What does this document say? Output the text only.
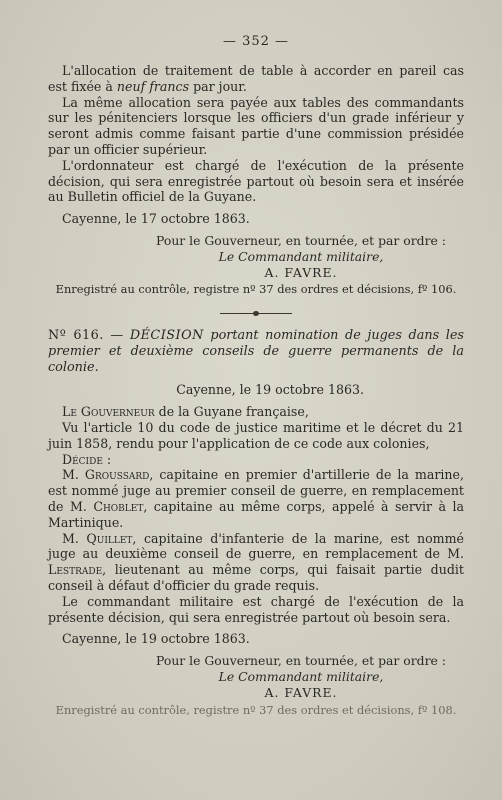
— 352 —

L'allocation de traitement de table à accorder en pareil cas est fixée à neuf francs par jour.

La même allocation sera payée aux tables des commandants sur les pénitenciers lorsque les officiers d'un grade inférieur y seront admis comme faisant partie d'une commission présidée par un officier supérieur.

L'ordonnateur est chargé de l'exécution de la présente décision, qui sera enregistrée partout où besoin sera et insérée au Bulletin officiel de la Guyane.

Cayenne, le 17 octobre 1863.

Pour le Gouverneur, en tournée, et par ordre :
Le Commandant militaire,
A. FAVRE.
Enregistré au contrôle, registre nº 37 des ordres et décisions, fº 106.

Nº 616. — DÉCISION portant nomination de juges dans les premier et deuxième conseils de guerre permanents de la colonie.

Cayenne, le 19 octobre 1863.

Le Gouverneur de la Guyane française,

Vu l'article 10 du code de justice maritime et le décret du 21 juin 1858, rendu pour l'application de ce code aux colonies,

Décide :

M. Groussard, capitaine en premier d'artillerie de la marine, est nommé juge au premier conseil de guerre, en remplacement de M. Choblet, capitaine au même corps, appelé à servir à la Martinique.

M. Quillet, capitaine d'infanterie de la marine, est nommé juge au deuxième conseil de guerre, en remplacement de M. Lestrade, lieutenant au même corps, qui faisait partie dudit conseil à défaut d'officier du grade requis.

Le commandant militaire est chargé de l'exécution de la présente décision, qui sera enregistrée partout où besoin sera.

Cayenne, le 19 octobre 1863.

Pour le Gouverneur, en tournée, et par ordre :
Le Commandant militaire,
A. FAVRE.
Enregistré au contrôle, registre nº 37 des ordres et décisions, fº 108.
